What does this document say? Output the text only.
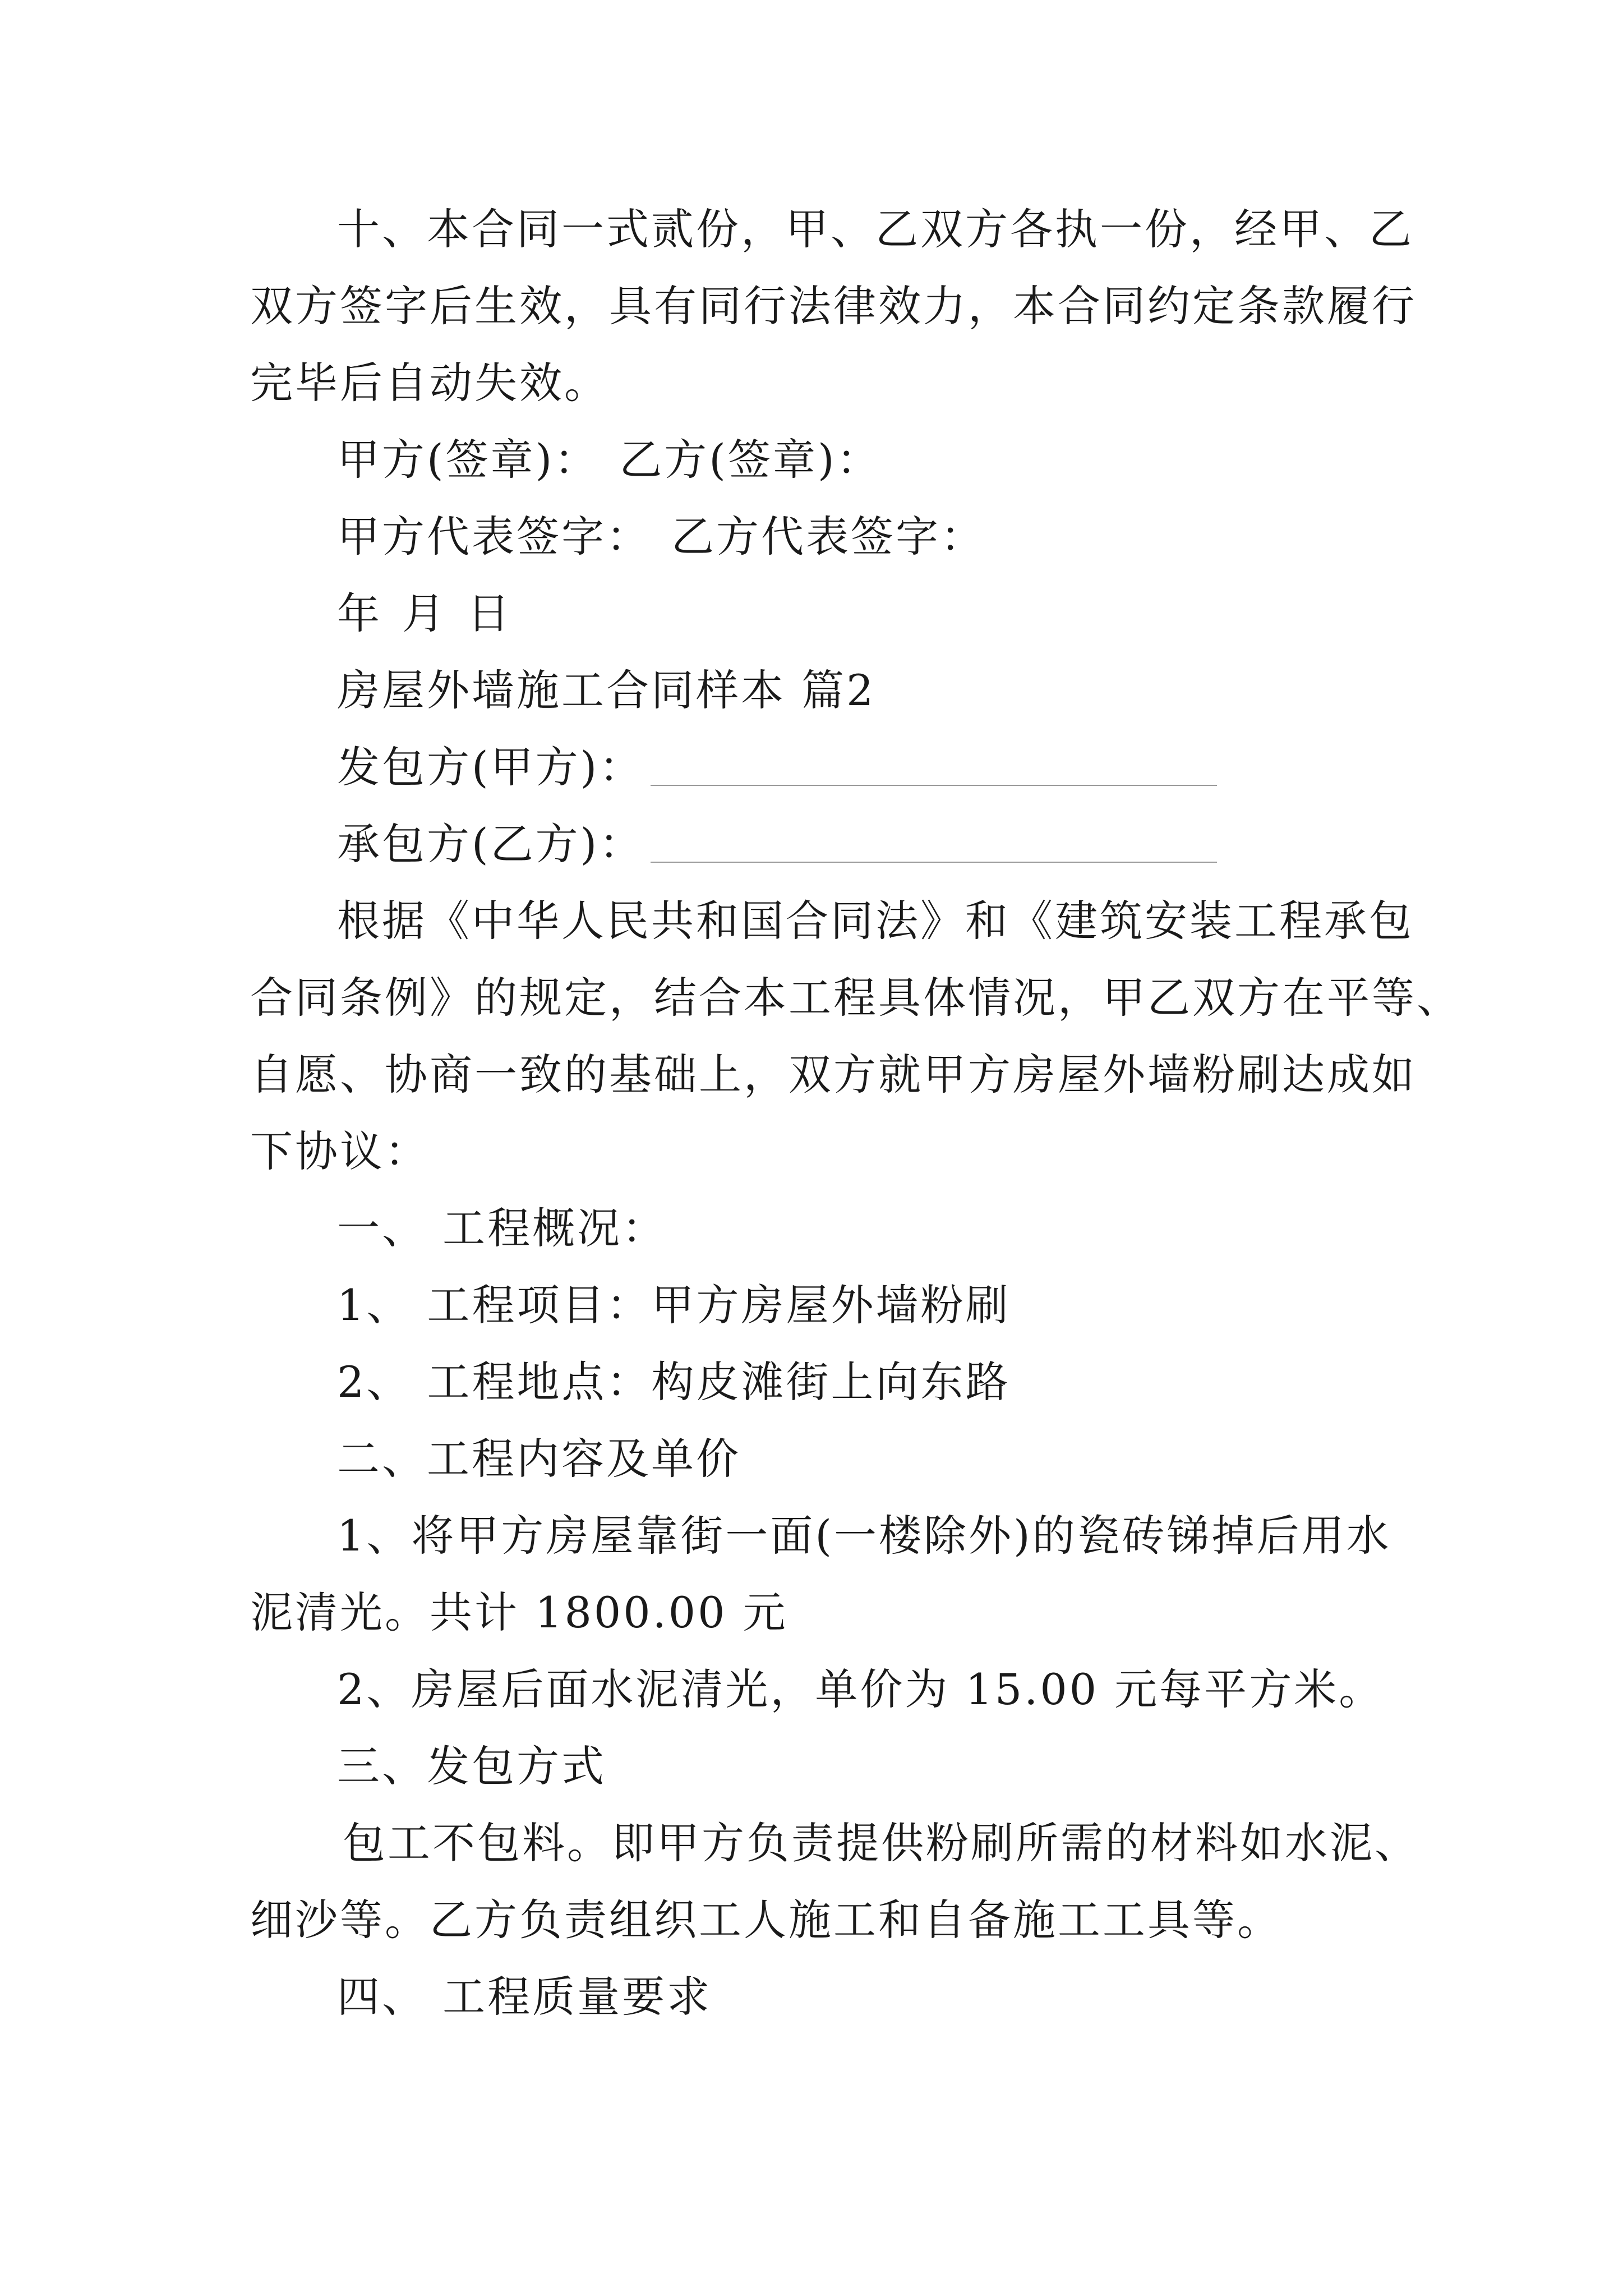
十、本合同一式贰份，甲、乙双方各执一份，经甲、乙
双方签字后生效，具有同行法律效力，本合同约定条款履行
完毕后自动失效。
甲方(签章)： 乙方(签章)：
甲方代表签字： 乙方代表签字：
年 月 日
房屋外墙施工合同样本 篇2
发包方(甲方)：
承包方(乙方)：
根据《中华人民共和国合同法》和《建筑安装工程承包
合同条例》的规定，结合本工程具体情况，甲乙双方在平等、
自愿、协商一致的基础上，双方就甲方房屋外墙粉刷达成如
下协议：
一、 工程概况：
1、 工程项目：甲方房屋外墙粉刷
2、 工程地点：构皮滩街上向东路
二、工程内容及单价
1、将甲方房屋靠街一面(一楼除外)的瓷砖锑掉后用水
泥清光。共计 1800.00 元
2、房屋后面水泥清光，单价为 15.00 元每平方米。
三、发包方式
包工不包料。即甲方负责提供粉刷所需的材料如水泥、
细沙等。乙方负责组织工人施工和自备施工工具等。
四、 工程质量要求
